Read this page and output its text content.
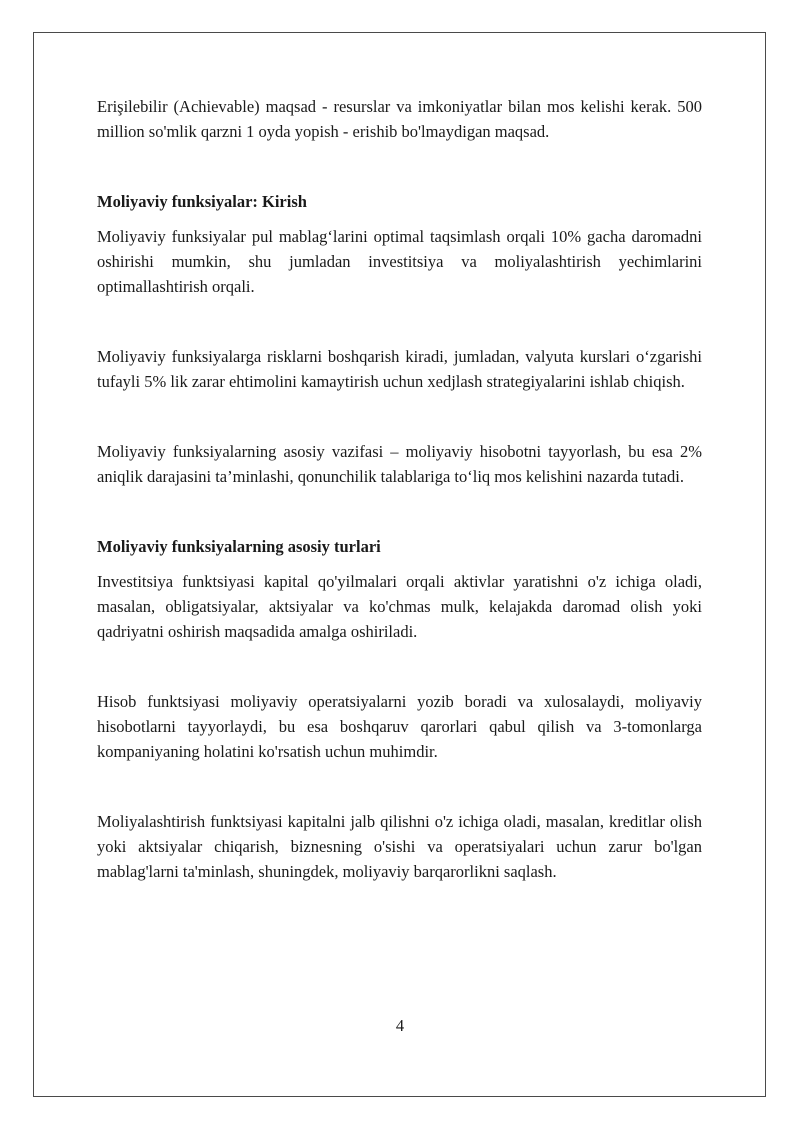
Erişilebilir (Achievable) maqsad - resurslar va imkoniyatlar bilan mos kelishi kerak. 500 million so'mlik qarzni 1 oyda yopish - erishib bo'lmaydigan maqsad.

Moliyaviy funksiyalar: Kirish

Moliyaviy funksiyalar pul mablag‘larini optimal taqsimlash orqali 10% gacha daromadni oshirishi mumkin, shu jumladan investitsiya va moliyalashtirish yechimlarini optimallashtirish orqali.

Moliyaviy funksiyalarga risklarni boshqarish kiradi, jumladan, valyuta kurslari o‘zgarishi tufayli 5% lik zarar ehtimolini kamaytirish uchun xedjlash strategiyalarini ishlab chiqish.

Moliyaviy funksiyalarning asosiy vazifasi – moliyaviy hisobotni tayyorlash, bu esa 2% aniqlik darajasini ta’minlashi, qonunchilik talablariga to‘liq mos kelishini nazarda tutadi.

Moliyaviy funksiyalarning asosiy turlari

Investitsiya funktsiyasi kapital qo'yilmalari orqali aktivlar yaratishni o'z ichiga oladi, masalan, obligatsiyalar, aktsiyalar va ko'chmas mulk, kelajakda daromad olish yoki qadriyatni oshirish maqsadida amalga oshiriladi.

Hisob funktsiyasi moliyaviy operatsiyalarni yozib boradi va xulosalaydi, moliyaviy hisobotlarni tayyorlaydi, bu esa boshqaruv qarorlari qabul qilish va 3-tomonlarga kompaniyaning holatini ko'rsatish uchun muhimdir.

Moliyalashtirish funktsiyasi kapitalni jalb qilishni o'z ichiga oladi, masalan, kreditlar olish yoki aktsiyalar chiqarish, biznesning o'sishi va operatsiyalari uchun zarur bo'lgan mablag'larni ta'minlash, shuningdek, moliyaviy barqarorlikni saqlash.

4
